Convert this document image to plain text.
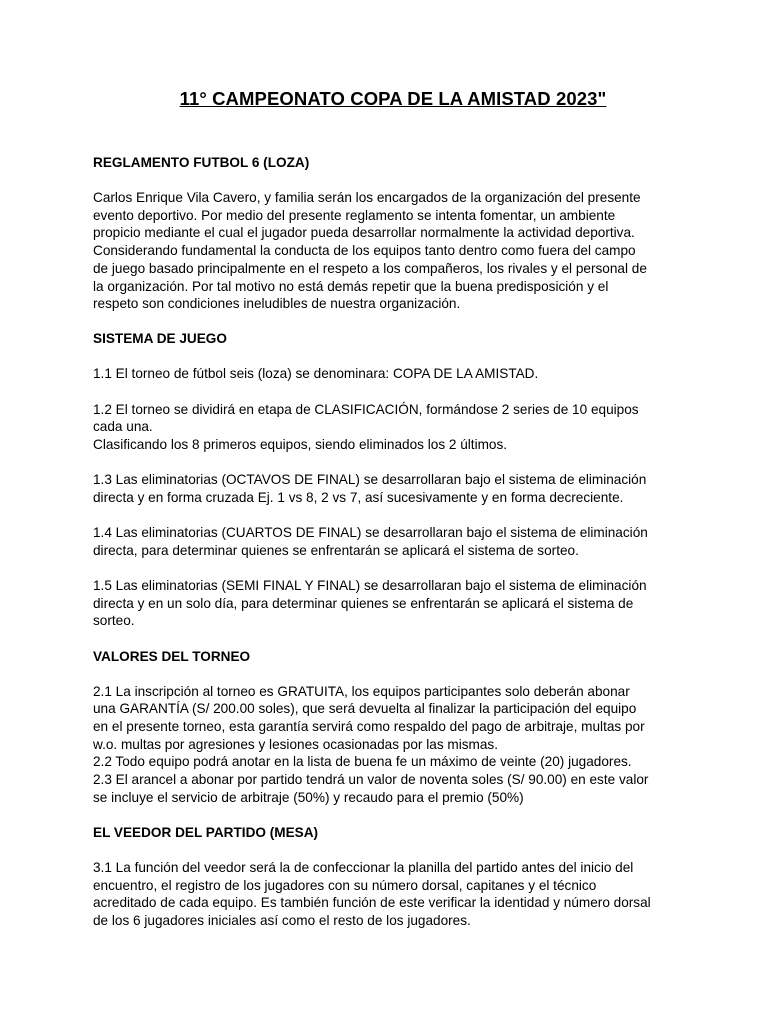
11° CAMPEONATO COPA DE LA AMISTAD 2023"
REGLAMENTO FUTBOL 6 (LOZA)
Carlos Enrique Vila Cavero, y familia serán los encargados de la organización del presente
evento deportivo. Por medio del presente reglamento se intenta fomentar, un ambiente
propicio mediante el cual el jugador pueda desarrollar normalmente la actividad deportiva.
Considerando fundamental la conducta de los equipos tanto dentro como fuera del campo
de juego basado principalmente en el respeto a los compañeros, los rivales y el personal de
la organización. Por tal motivo no está demás repetir que la buena predisposición y el
respeto son condiciones ineludibles de nuestra organización.
SISTEMA DE JUEGO
1.1 El torneo de fútbol seis (loza) se denominara: COPA DE LA AMISTAD.
1.2 El torneo se dividirá en etapa de CLASIFICACIÓN, formándose 2 series de 10 equipos
cada una.
Clasificando los 8 primeros equipos, siendo eliminados los 2 últimos.
1.3 Las eliminatorias (OCTAVOS DE FINAL) se desarrollaran bajo el sistema de eliminación
directa y en forma cruzada Ej. 1 vs 8, 2 vs 7, así sucesivamente y en forma decreciente.
1.4 Las eliminatorias (CUARTOS DE FINAL) se desarrollaran bajo el sistema de eliminación
directa, para determinar quienes se enfrentarán se aplicará el sistema de sorteo.
1.5 Las eliminatorias (SEMI FINAL Y FINAL) se desarrollaran bajo el sistema de eliminación
directa y en un solo día, para determinar quienes se enfrentarán se aplicará el sistema de
sorteo.
VALORES DEL TORNEO
2.1 La inscripción al torneo es GRATUITA, los equipos participantes solo deberán abonar
una GARANTÍA (S/ 200.00 soles), que será devuelta al finalizar la participación del equipo
en el presente torneo, esta garantía servirá como respaldo del pago de arbitraje, multas por
w.o. multas por agresiones y lesiones ocasionadas por las mismas.
2.2 Todo equipo podrá anotar en la lista de buena fe un máximo de veinte (20) jugadores.
2.3 El arancel a abonar por partido tendrá un valor de noventa soles (S/ 90.00) en este valor
se incluye el servicio de arbitraje (50%) y recaudo para el premio (50%)
EL VEEDOR DEL PARTIDO (MESA)
3.1 La función del veedor será la de confeccionar la planilla del partido antes del inicio del
encuentro, el registro de los jugadores con su número dorsal, capitanes y el técnico
acreditado de cada equipo. Es también función de este verificar la identidad y número dorsal
de los 6 jugadores iniciales así como el resto de los jugadores.
